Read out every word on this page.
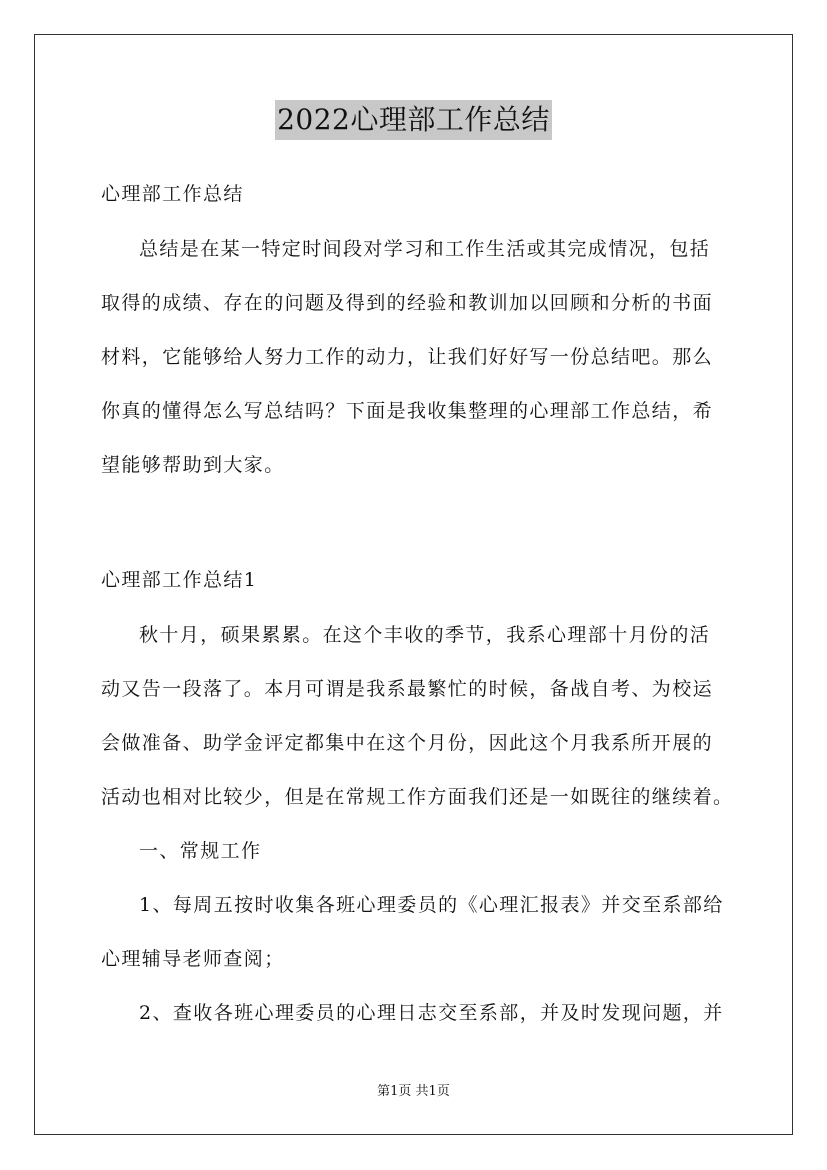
2022心理部工作总结

心理部工作总结

总结是在某一特定时间段对学习和工作生活或其完成情况，包括
取得的成绩、存在的问题及得到的经验和教训加以回顾和分析的书面
材料，它能够给人努力工作的动力，让我们好好写一份总结吧。那么
你真的懂得怎么写总结吗？下面是我收集整理的心理部工作总结，希
望能够帮助到大家。

心理部工作总结1

秋十月，硕果累累。在这个丰收的季节，我系心理部十月份的活
动又告一段落了。本月可谓是我系最繁忙的时候，备战自考、为校运
会做准备、助学金评定都集中在这个月份，因此这个月我系所开展的
活动也相对比较少，但是在常规工作方面我们还是一如既往的继续着。
一、常规工作
1、每周五按时收集各班心理委员的《心理汇报表》并交至系部给
心理辅导老师查阅；
2、查收各班心理委员的心理日志交至系部，并及时发现问题，并
第1页 共1页
